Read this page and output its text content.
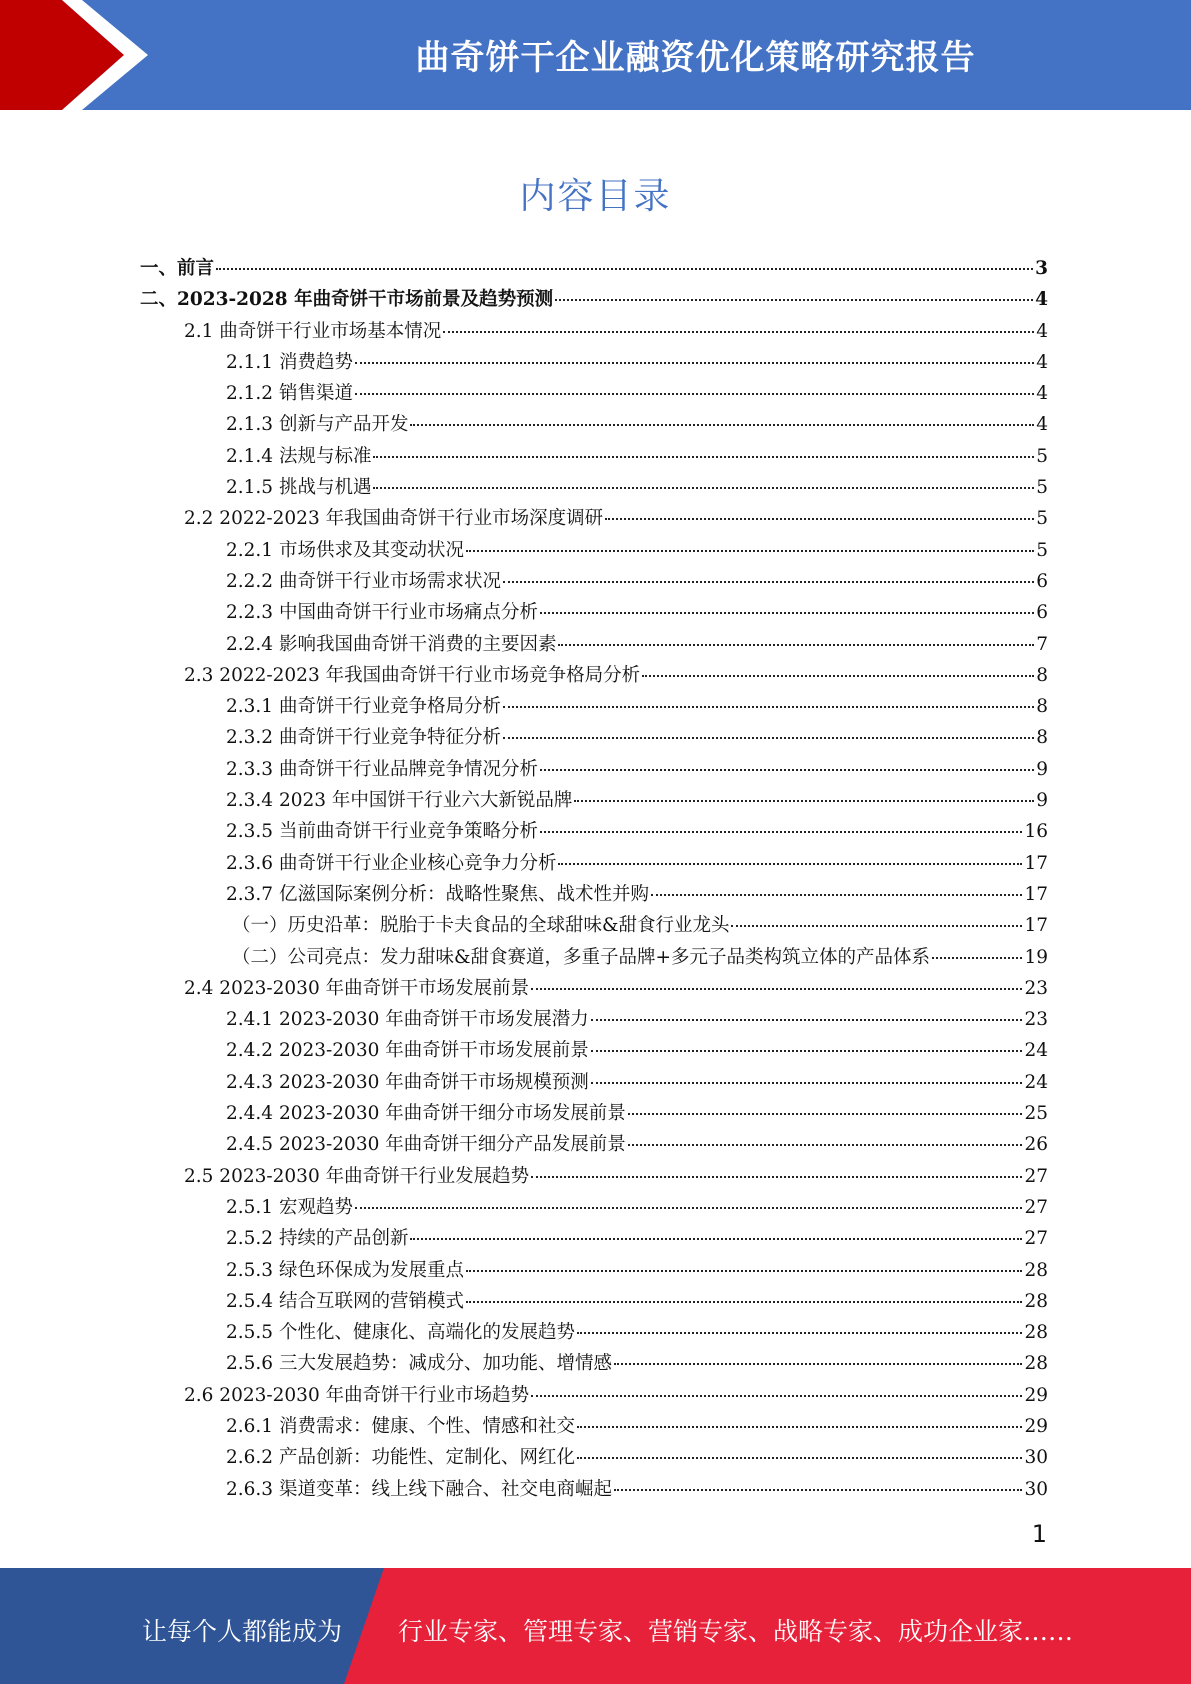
曲奇饼干企业融资优化策略研究报告
内容目录
一、前言	3
二、2023-2028 年曲奇饼干市场前景及趋势预测	4
2.1 曲奇饼干行业市场基本情况	4
2.1.1 消费趋势	4
2.1.2 销售渠道	4
2.1.3 创新与产品开发	4
2.1.4 法规与标准	5
2.1.5 挑战与机遇	5
2.2 2022-2023 年我国曲奇饼干行业市场深度调研	5
2.2.1 市场供求及其变动状况	5
2.2.2 曲奇饼干行业市场需求状况	6
2.2.3 中国曲奇饼干行业市场痛点分析	6
2.2.4 影响我国曲奇饼干消费的主要因素	7
2.3 2022-2023 年我国曲奇饼干行业市场竞争格局分析	8
2.3.1 曲奇饼干行业竞争格局分析	8
2.3.2 曲奇饼干行业竞争特征分析	8
2.3.3 曲奇饼干行业品牌竞争情况分析	9
2.3.4 2023 年中国饼干行业六大新锐品牌	9
2.3.5 当前曲奇饼干行业竞争策略分析	16
2.3.6 曲奇饼干行业企业核心竞争力分析	17
2.3.7 亿滋国际案例分析：战略性聚焦、战术性并购	17
（一）历史沿革：脱胎于卡夫食品的全球甜味&甜食行业龙头	17
（二）公司亮点：发力甜味&甜食赛道，多重子品牌+多元子品类构筑立体的产品体系	19
2.4 2023-2030 年曲奇饼干市场发展前景	23
2.4.1 2023-2030 年曲奇饼干市场发展潜力	23
2.4.2 2023-2030 年曲奇饼干市场发展前景	24
2.4.3 2023-2030 年曲奇饼干市场规模预测	24
2.4.4 2023-2030 年曲奇饼干细分市场发展前景	25
2.4.5 2023-2030 年曲奇饼干细分产品发展前景	26
2.5 2023-2030 年曲奇饼干行业发展趋势	27
2.5.1 宏观趋势	27
2.5.2 持续的产品创新	27
2.5.3 绿色环保成为发展重点	28
2.5.4 结合互联网的营销模式	28
2.5.5 个性化、健康化、高端化的发展趋势	28
2.5.6 三大发展趋势：减成分、加功能、增情感	28
2.6 2023-2030 年曲奇饼干行业市场趋势	29
2.6.1 消费需求：健康、个性、情感和社交	29
2.6.2 产品创新：功能性、定制化、网红化	30
2.6.3 渠道变革：线上线下融合、社交电商崛起	30
1
让每个人都能成为 行业专家、管理专家、营销专家、战略专家、成功企业家……
